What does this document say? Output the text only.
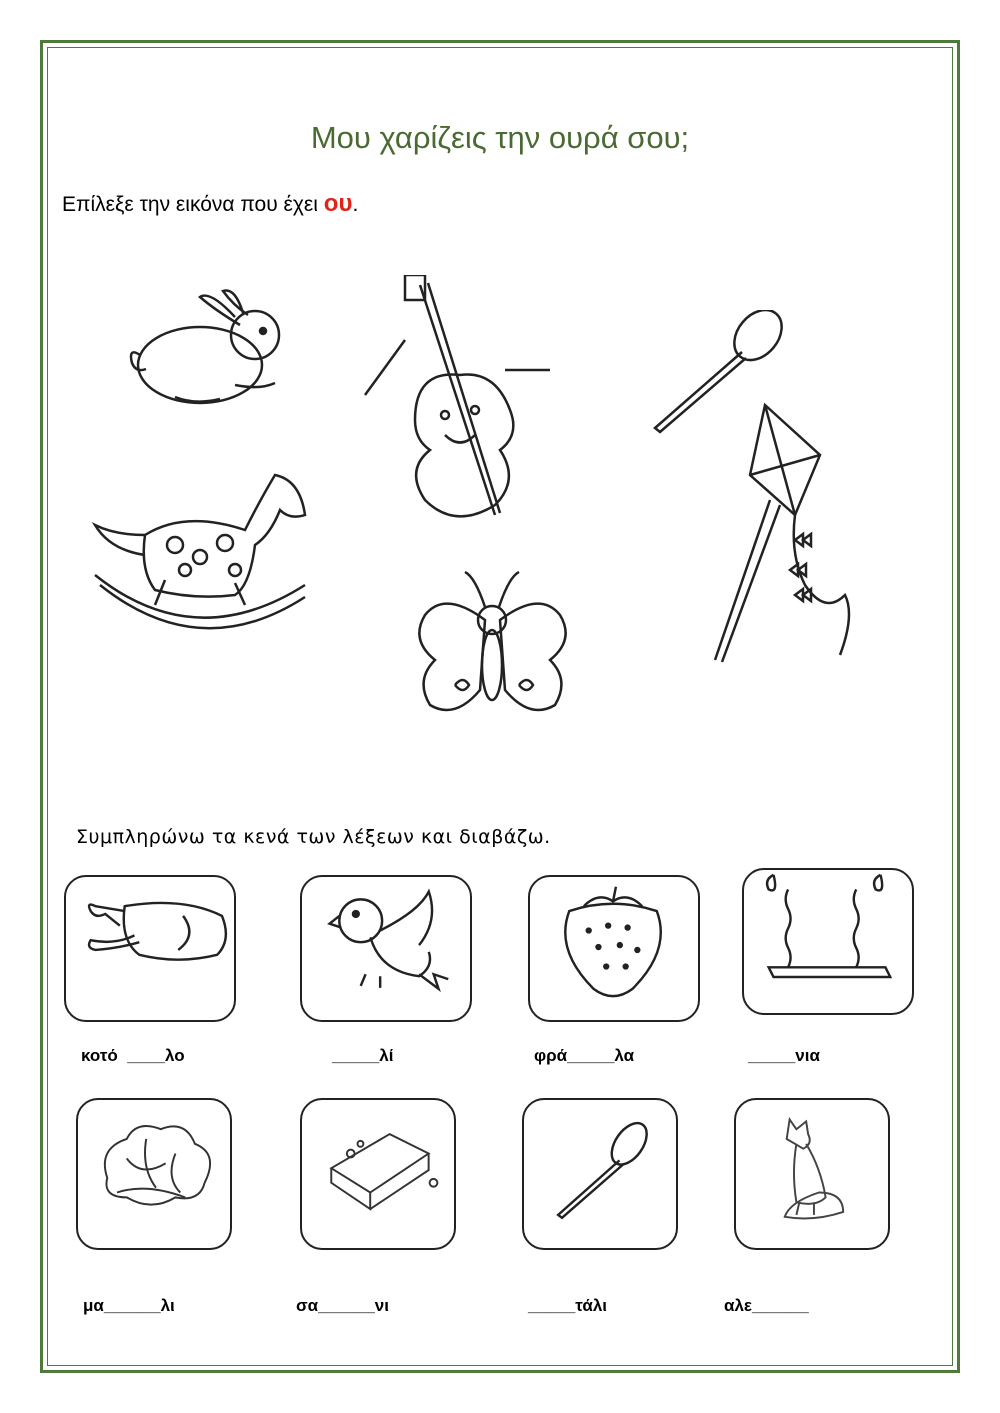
Μου χαρίζεις την ουρά σου;
Επίλεξε την εικόνα που έχει ου.
Συμπληρώνω τα κενά των λέξεων και διαβάζω.
κοτό  ____λο	_____λί	φρά_____λα	_____νια
μα______λι	σα______νι	_____τάλι	αλε______
